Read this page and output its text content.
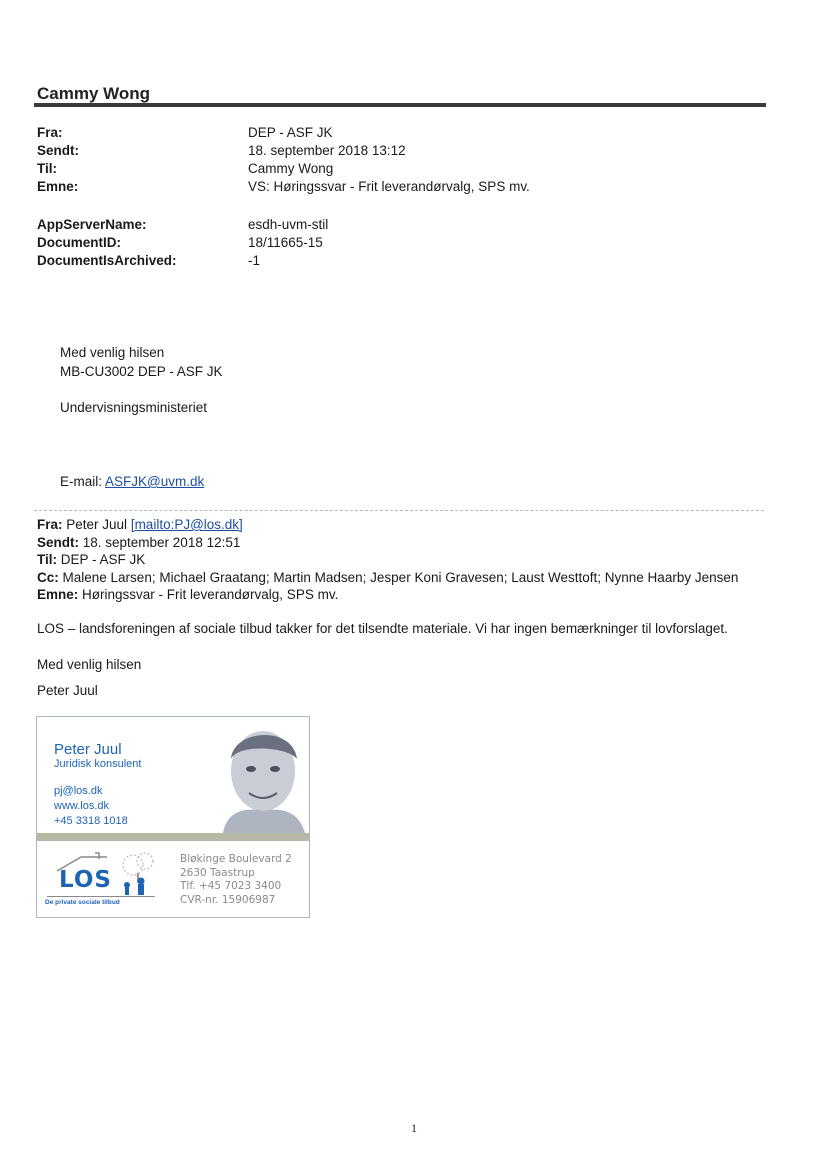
Cammy Wong
Fra:	DEP - ASF JK
Sendt:	18. september 2018 13:12
Til:	Cammy Wong
Emne:	VS: Høringssvar - Frit leverandørvalg, SPS mv.
AppServerName:	esdh-uvm-stil
DocumentID:	18/11665-15
DocumentIsArchived:	-1
Med venlig hilsen
MB-CU3002 DEP - ASF JK
Undervisningsministeriet
E-mail: ASFJK@uvm.dk
Fra: Peter Juul [mailto:PJ@los.dk]
Sendt: 18. september 2018 12:51
Til: DEP - ASF JK
Cc: Malene Larsen; Michael Graatang; Martin Madsen; Jesper Koni Gravesen; Laust Westtoft; Nynne Haarby Jensen
Emne: Høringssvar - Frit leverandørvalg, SPS mv.
LOS – landsforeningen af sociale tilbud takker for det tilsendte materiale. Vi har ingen bemærkninger til lovforslaget.
Med venlig hilsen
Peter Juul
Peter Juul
Juridisk konsulent
pj@los.dk
www.los.dk
+45 3318 1018
LOS
De private sociale tilbud
Bløkinge Boulevard 2
2630 Taastrup
Tlf. +45 7023 3400
CVR-nr. 15906987
1
